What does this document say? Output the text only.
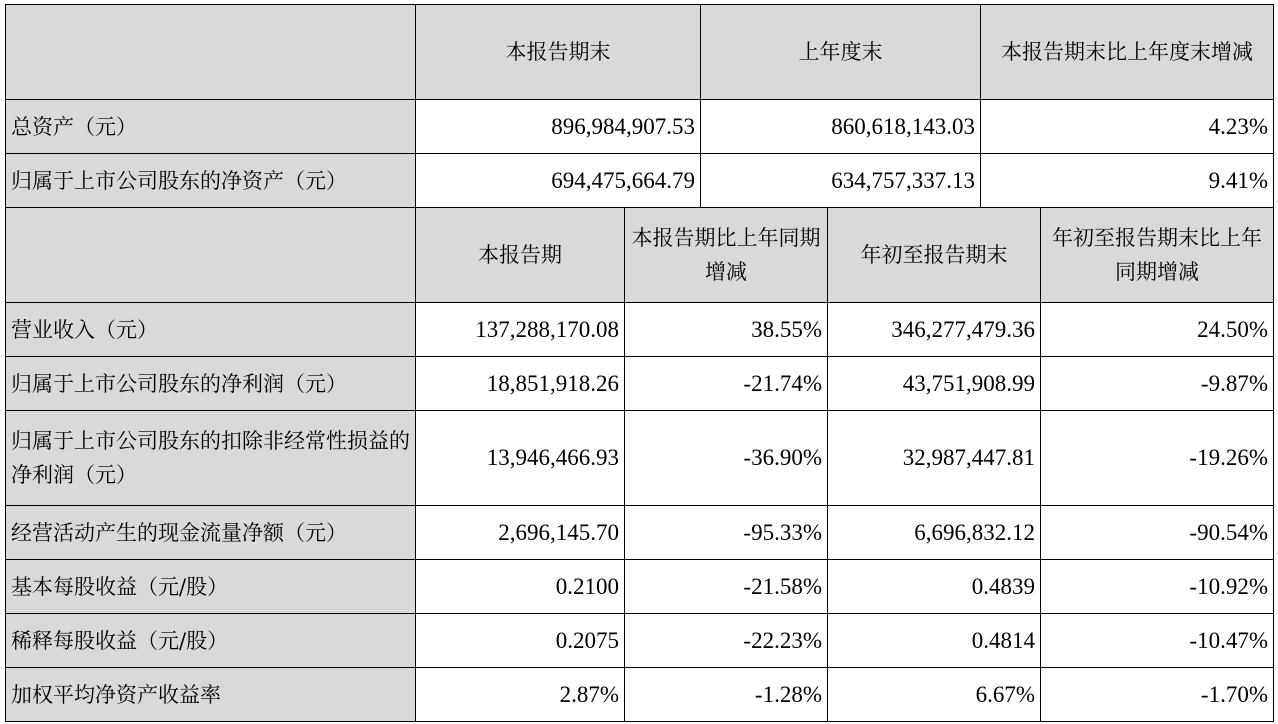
	本报告期末		上年度末		本报告期末比上年度末增减	
总资产（元）	896,984,907.53		860,618,143.03		4.23%	
归属于上市公司股东的净资产（元）	694,475,664.79		634,757,337.13		9.41%	
	本报告期	本报告期比上年同期增减		年初至报告期末		年初至报告期末比上年同期增减
营业收入（元）	137,288,170.08	38.55%		346,277,479.36		24.50%
归属于上市公司股东的净利润（元）	18,851,918.26	-21.74%		43,751,908.99		-9.87%
归属于上市公司股东的扣除非经常性损益的净利润（元）	13,946,466.93	-36.90%		32,987,447.81		-19.26%
经营活动产生的现金流量净额（元）	2,696,145.70	-95.33%		6,696,832.12		-90.54%
基本每股收益（元/股）	0.2100	-21.58%		0.4839		-10.92%
稀释每股收益（元/股）	0.2075	-22.23%		0.4814		-10.47%
加权平均净资产收益率	2.87%	-1.28%		6.67%		-1.70%
